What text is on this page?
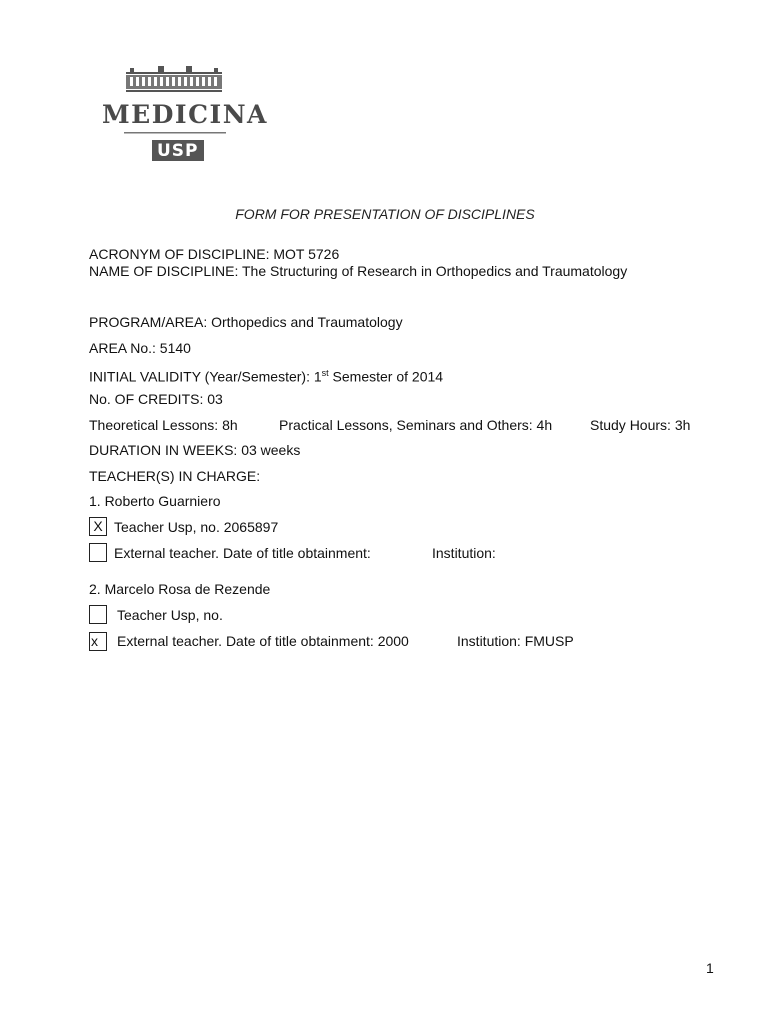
MEDICINA
USP
FORM FOR PRESENTATION OF DISCIPLINES
ACRONYM OF DISCIPLINE: MOT 5726
NAME OF DISCIPLINE: The Structuring of Research in Orthopedics and Traumatology
PROGRAM/AREA: Orthopedics and Traumatology
AREA No.: 5140
INITIAL VALIDITY (Year/Semester): 1st Semester of 2014
No. OF CREDITS: 03
Theoretical Lessons: 8h	Practical Lessons, Seminars and Others: 4h	Study Hours: 3h
DURATION IN WEEKS: 03 weeks
TEACHER(S) IN CHARGE:
1. Roberto Guarniero
X Teacher Usp, no. 2065897
External teacher. Date of title obtainment:	Institution:
2. Marcelo Rosa de Rezende
Teacher Usp, no.
x	External teacher. Date of title obtainment: 2000	Institution: FMUSP
1
